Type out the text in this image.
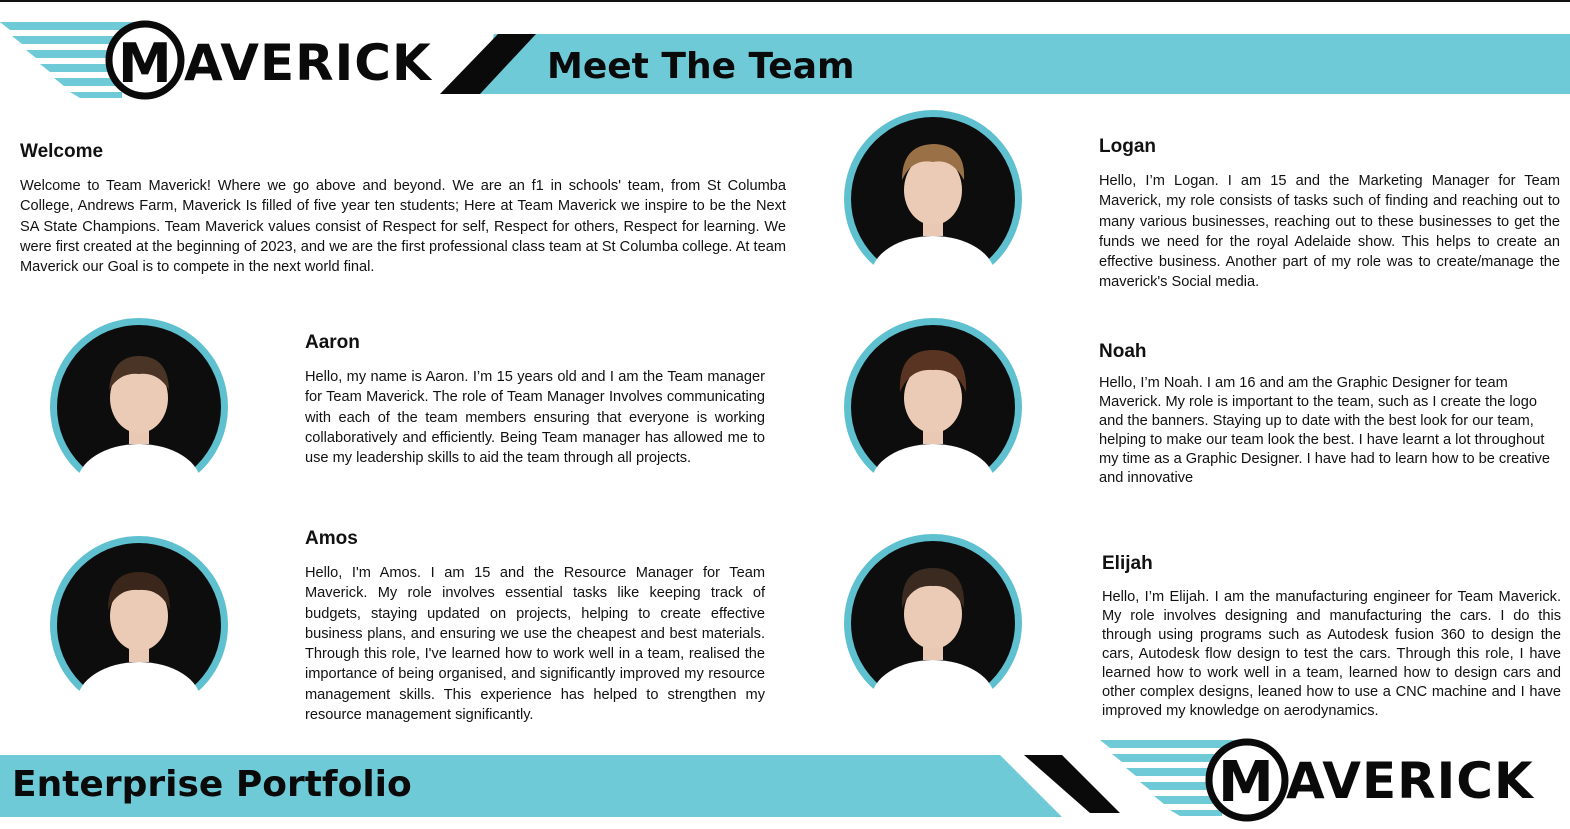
M AVERICK	Meet The Team
Welcome

Welcome to Team Maverick! Where we go above and beyond. We are an f1 in schools' team, from St Columba College, Andrews Farm, Maverick Is filled of five year ten students; Here at Team Maverick we inspire to be the Next SA State Champions. Team Maverick values consist of Respect for self, Respect for others, Respect for learning. We were first created at the beginning of 2023, and we are the first professional class team at St Columba college. At team Maverick our Goal is to compete in the next world final.

Aaron

Hello, my name is Aaron. I’m 15 years old and I am the Team manager for Team Maverick. The role of Team Manager Involves communicating with each of the team members ensuring that everyone is working collaboratively and efficiently. Being Team manager has allowed me to use my leadership skills to aid the team through all projects.

Amos

Hello, I'm Amos. I am 15 and the Resource Manager for Team Maverick. My role involves essential tasks like keeping track of budgets, staying updated on projects, helping to create effective business plans, and ensuring we use the cheapest and best materials. Through this role, I've learned how to work well in a team, realised the importance of being organised, and significantly improved my resource management skills. This experience has helped to strengthen my resource management significantly.

Logan

Hello, I’m Logan. I am 15 and the Marketing Manager for Team Maverick, my role consists of tasks such of finding and reaching out to many various businesses, reaching out to these businesses to get the funds we need for the royal Adelaide show. This helps to create an effective business. Another part of my role was to create/manage the maverick's Social media.

Noah

Hello, I’m Noah. I am 16 and am the Graphic Designer for team Maverick. My role is important to the team, such as I create the logo and the banners. Staying up to date with the best look for our team, helping to make our team look the best. I have learnt a lot throughout my time as a Graphic Designer. I have had to learn how to be creative and innovative

Elijah

Hello, I’m Elijah. I am the manufacturing engineer for Team Maverick. My role involves designing and manufacturing the cars. I do this through using programs such as Autodesk fusion 360 to design the cars, Autodesk flow design to test the cars. Through this role, I have learned how to work well in a team, learned how to design cars and other complex designs, leaned how to use a CNC machine and I have improved my knowledge on aerodynamics.

Enterprise Portfolio	M AVERICK
